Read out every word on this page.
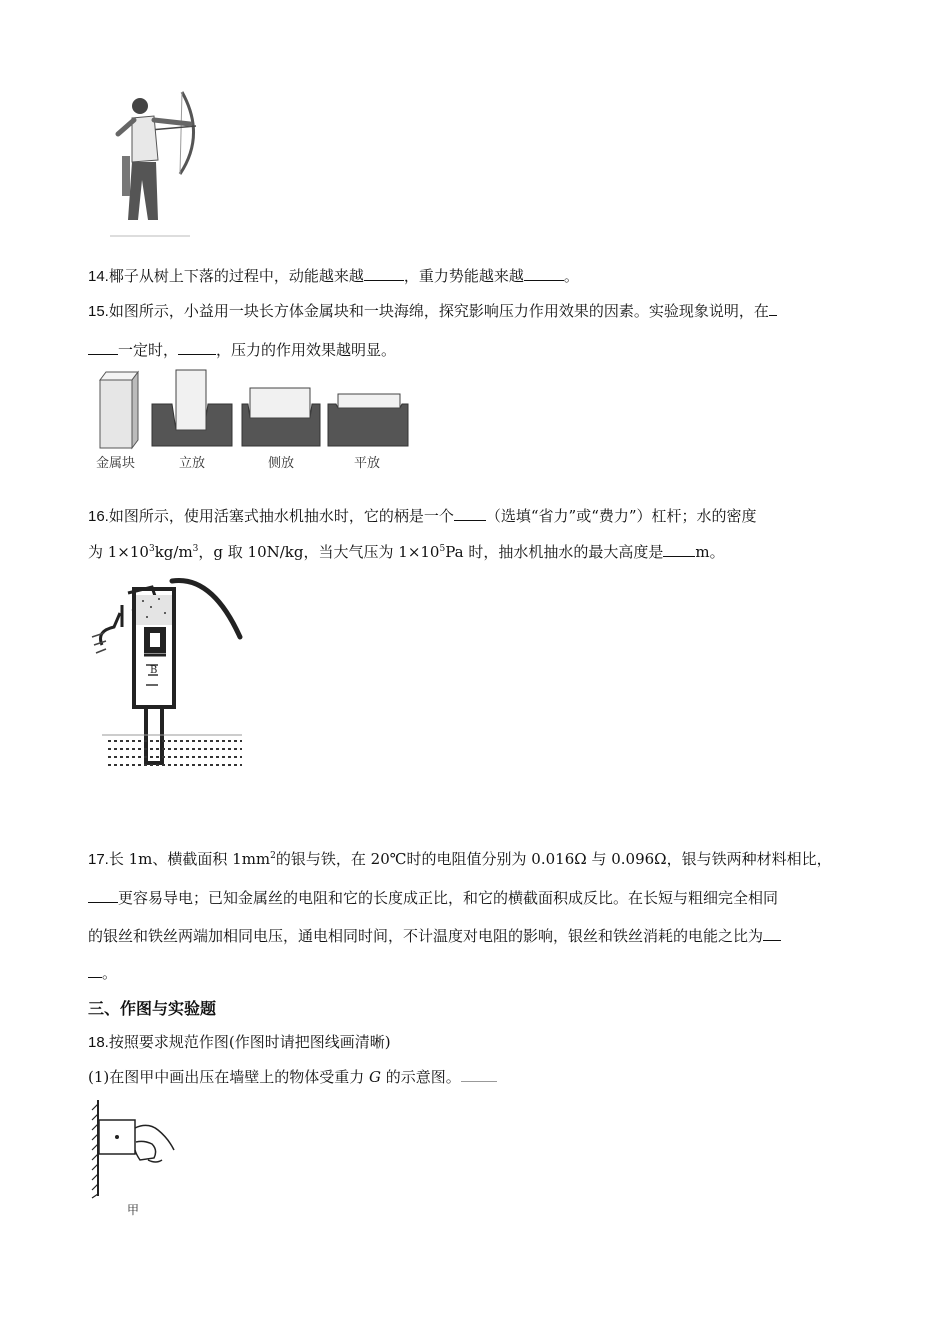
14.椰子从树上下落的过程中，动能越来越	，重力势能越来越	。
15.如图所示，小益用一块长方体金属块和一块海绵，探究影响压力作用效果的因素。实验现象说明，在
一定时，	，压力的作用效果越明显。
金属块	立放	侧放	平放
16.如图所示，使用活塞式抽水机抽水时，它的柄是一个 （选填“省力”或“费力”）杠杆；水的密度
为 $1\times 10^3kg/m^3$，g 取 10N/kg，当大气压为 $1\times 10^5Pa$ 时，抽水机抽水的最大高度是 m。
B
17.长 1m、横截面积 $1mm^2$的银与铁，在 20℃时的电阻值分别为 0.016Ω 与 0.096Ω，银与铁两种材料相比，
更容易导电；已知金属丝的电阻和它的长度成正比，和它的横截面积成反比。在长短与粗细完全相同
的银丝和铁丝两端加相同电压，通电相同时间，不计温度对电阻的影响，银丝和铁丝消耗的电能之比为
。
三、作图与实验题
18.按照要求规范作图(作图时请把图线画清晰)
(1)在图甲中画出压在墙壁上的物体受重力 G 的示意图。
甲
